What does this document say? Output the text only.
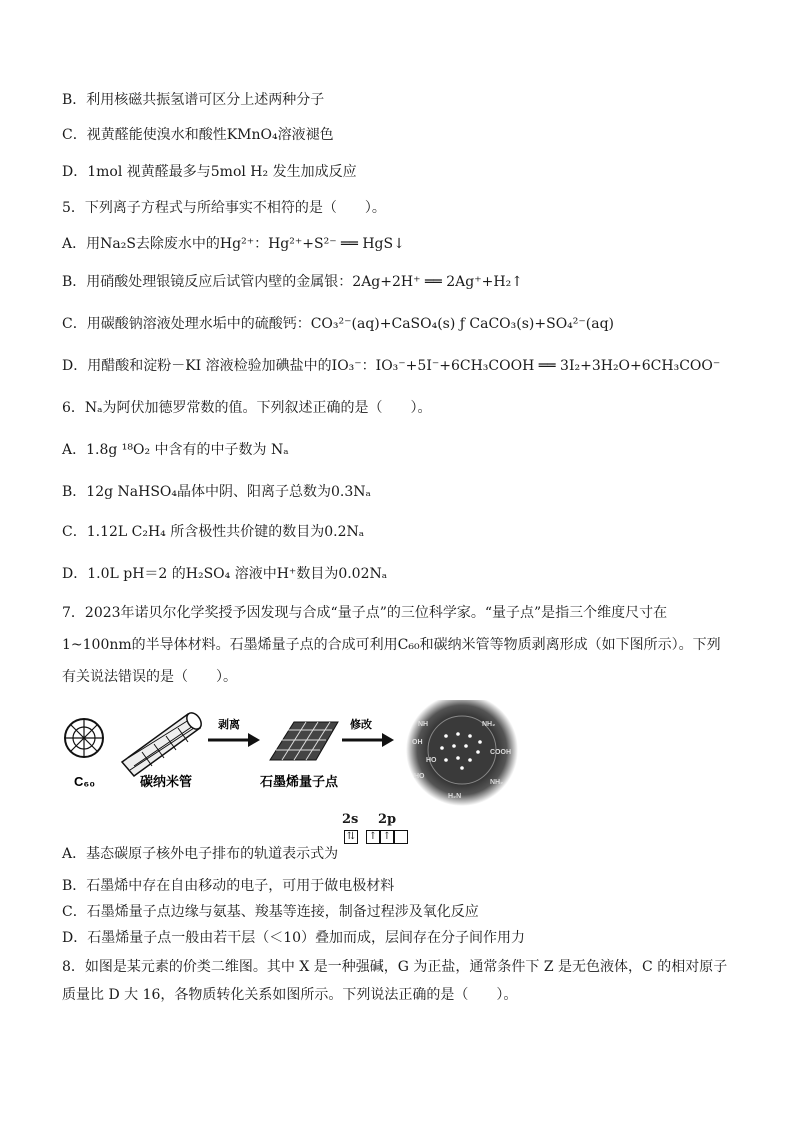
B．利用核磁共振氢谱可区分上述两种分子
C．视黄醛能使溴水和酸性KMnO₄溶液褪色
D．1mol 视黄醛最多与5mol H₂ 发生加成反应
5．下列离子方程式与所给事实不相符的是（　　）。
A．用Na₂S去除废水中的Hg²⁺：Hg²⁺+S²⁻ ══ HgS↓
B．用硝酸处理银镜反应后试管内壁的金属银：2Ag+2H⁺ ══ 2Ag⁺+H₂↑
C．用碳酸钠溶液处理水垢中的硫酸钙：CO₃²⁻(aq)+CaSO₄(s) ƒ CaCO₃(s)+SO₄²⁻(aq)
D．用醋酸和淀粉－KI 溶液检验加碘盐中的IO₃⁻：IO₃⁻+5I⁻+6CH₃COOH ══ 3I₂+3H₂O+6CH₃COO⁻
6．Nₐ为阿伏加德罗常数的值。下列叙述正确的是（　　）。
A．1.8g ¹⁸O₂ 中含有的中子数为 Nₐ
B．12g NaHSO₄晶体中阴、阳离子总数为0.3Nₐ
C．1.12L C₂H₄ 所含极性共价键的数目为0.2Nₐ
D．1.0L pH＝2 的H₂SO₄ 溶液中H⁺数目为0.02Nₐ
7．2023年诺贝尔化学奖授予因发现与合成“量子点”的三位科学家。“量子点”是指三个维度尺寸在1~100nm的半导体材料。石墨烯量子点的合成可利用C₆₀和碳纳米管等物质剥离形成（如下图所示）。下列有关说法错误的是（　　）。
C₆₀	碳纳米管
剥离
石墨烯量子点
修改	NH₂
OH
HO
NH₂
H₂N
COOH
NH
HO
2s 2p
⇅ ↑ ↑
A．基态碳原子核外电子排布的轨道表示式为
B．石墨烯中存在自由移动的电子，可用于做电极材料
C．石墨烯量子点边缘与氨基、羧基等连接，制备过程涉及氧化反应
D．石墨烯量子点一般由若干层（＜10）叠加而成，层间存在分子间作用力
8．如图是某元素的价类二维图。其中 X 是一种强碱，G 为正盐，通常条件下 Z 是无色液体，C 的相对原子质量比 D 大 16，各物质转化关系如图所示。下列说法正确的是（　　）。
